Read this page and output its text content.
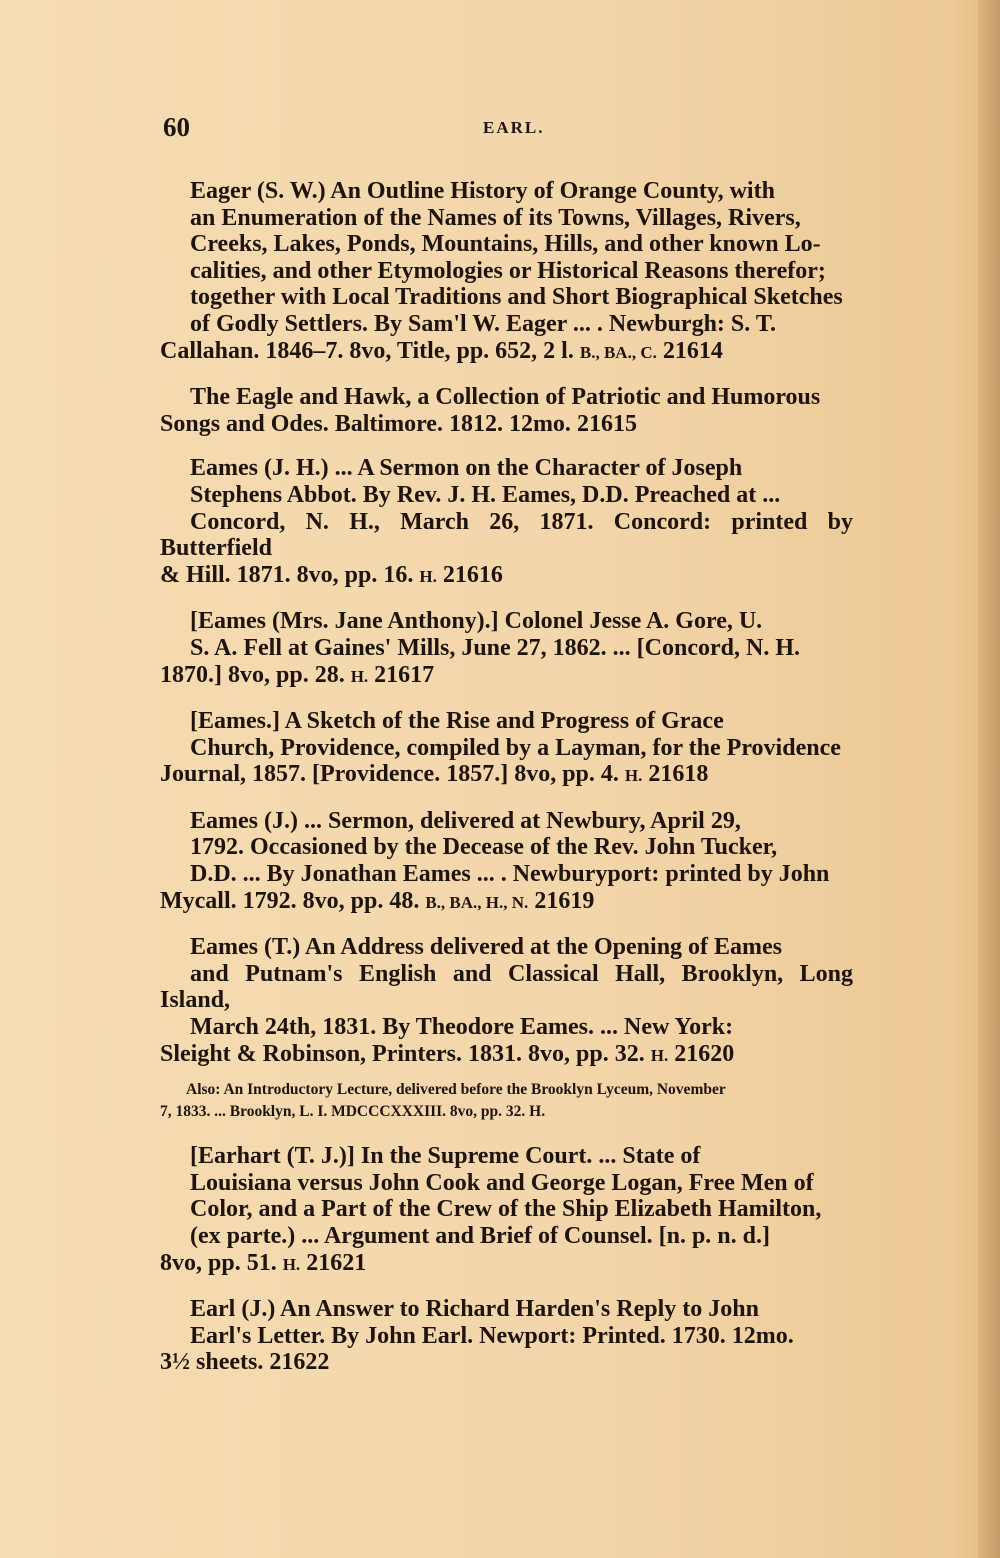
60	EARL.

Eager (S. W.) An Outline History of Orange County, with
an Enumeration of the Names of its Towns, Villages, Rivers,
Creeks, Lakes, Ponds, Mountains, Hills, and other known Lo-
calities, and other Etymologies or Historical Reasons therefor;
together with Local Traditions and Short Biographical Sketches
of Godly Settlers. By Sam'l W. Eager ... . Newburgh: S. T.
Callahan. 1846–7. 8vo, Title, pp. 652, 2 l. B., BA., C. 21614

The Eagle and Hawk, a Collection of Patriotic and Humorous
Songs and Odes. Baltimore. 1812. 12mo. 21615

Eames (J. H.) ... A Sermon on the Character of Joseph
Stephens Abbot. By Rev. J. H. Eames, D.D. Preached at ...
Concord, N. H., March 26, 1871. Concord: printed by Butterfield
& Hill. 1871. 8vo, pp. 16. H. 21616

[Eames (Mrs. Jane Anthony).] Colonel Jesse A. Gore, U.
S. A. Fell at Gaines' Mills, June 27, 1862. ... [Concord, N. H.
1870.] 8vo, pp. 28. H. 21617

[Eames.] A Sketch of the Rise and Progress of Grace
Church, Providence, compiled by a Layman, for the Providence
Journal, 1857. [Providence. 1857.] 8vo, pp. 4. H. 21618

Eames (J.) ... Sermon, delivered at Newbury, April 29,
1792. Occasioned by the Decease of the Rev. John Tucker,
D.D. ... By Jonathan Eames ... . Newburyport: printed by John
Mycall. 1792. 8vo, pp. 48. B., BA., H., N. 21619

Eames (T.) An Address delivered at the Opening of Eames
and Putnam's English and Classical Hall, Brooklyn, Long Island,
March 24th, 1831. By Theodore Eames. ... New York:
Sleight & Robinson, Printers. 1831. 8vo, pp. 32. H. 21620

Also: An Introductory Lecture, delivered before the Brooklyn Lyceum, November
7, 1833. ... Brooklyn, L. I. MDCCCXXXIII. 8vo, pp. 32. H.

[Earhart (T. J.)] In the Supreme Court. ... State of
Louisiana versus John Cook and George Logan, Free Men of
Color, and a Part of the Crew of the Ship Elizabeth Hamilton,
(ex parte.) ... Argument and Brief of Counsel. [n. p. n. d.]
8vo, pp. 51. H. 21621

Earl (J.) An Answer to Richard Harden's Reply to John
Earl's Letter. By John Earl. Newport: Printed. 1730. 12mo.
3½ sheets. 21622
